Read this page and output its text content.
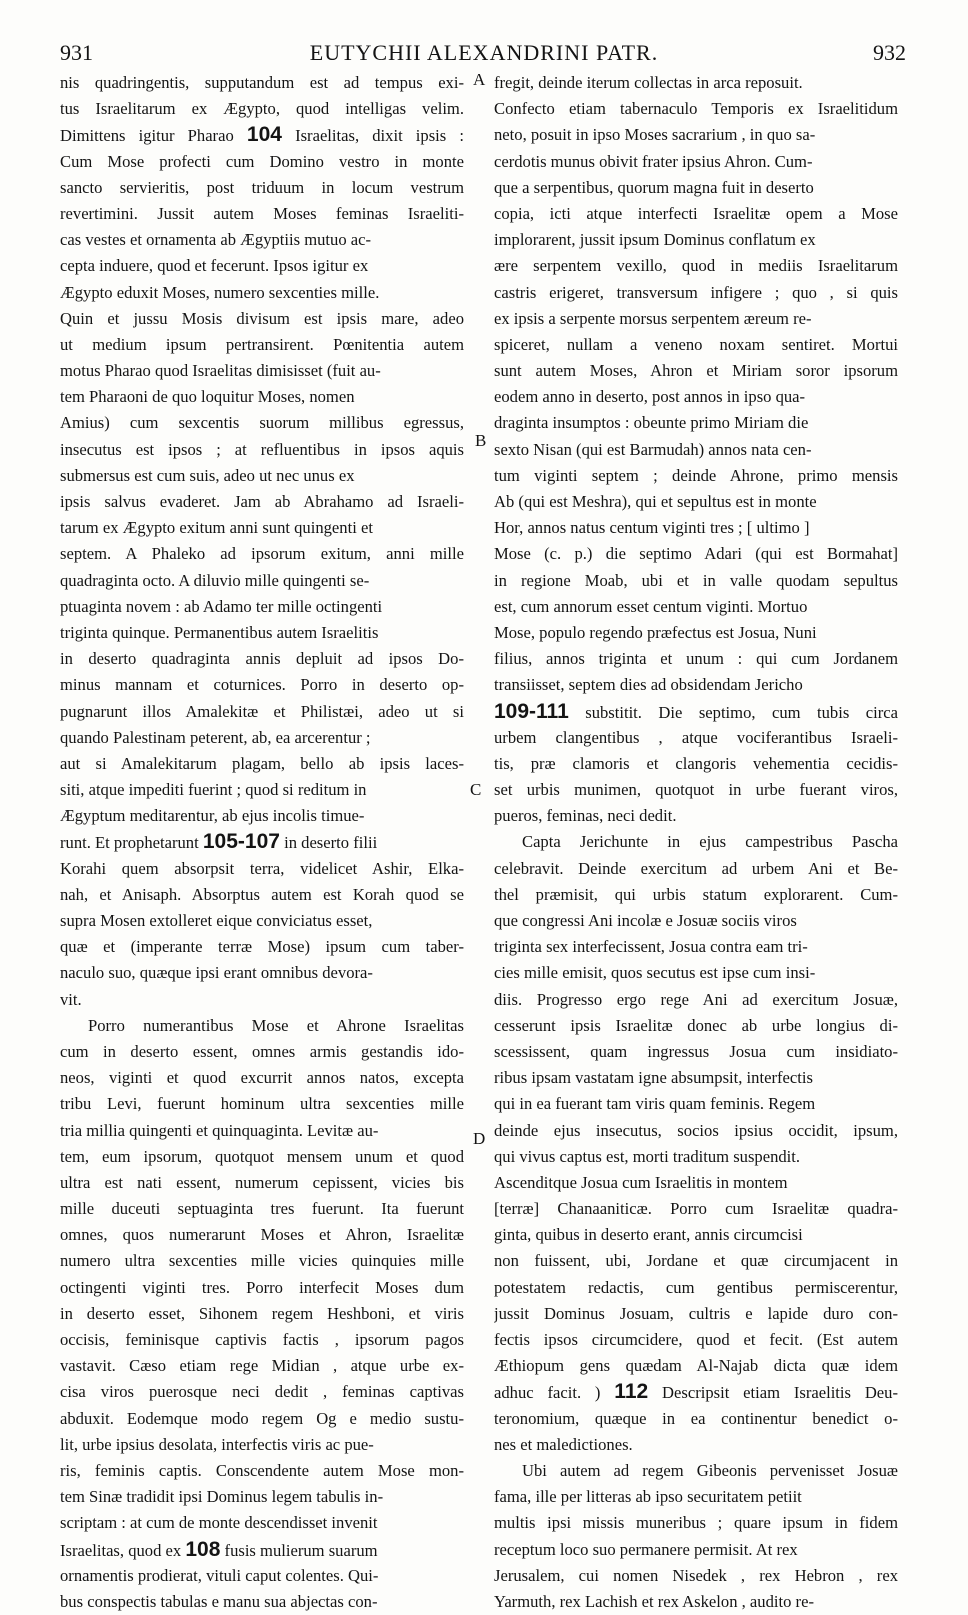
931	EUTYCHII ALEXANDRINI PATR.	932
A
B
C
D
nis quadringentis, supputandum est ad tempus exi-
tus Israelitarum ex Ægypto, quod intelligas velim.
Dimittens igitur Pharao 104 Israelitas, dixit ipsis :
Cum Mose profecti cum Domino vestro in monte
sancto servieritis, post triduum in locum vestrum
revertimini. Jussit autem Moses feminas Israeliti-
cas vestes et ornamenta ab Ægyptiis mutuo ac-
cepta induere, quod et fecerunt. Ipsos igitur ex
Ægypto eduxit Moses, numero sexcenties mille.
Quin et jussu Mosis divisum est ipsis mare, adeo
ut medium ipsum pertransirent. Pœnitentia autem
motus Pharao quod Israelitas dimisisset (fuit au-
tem Pharaoni de quo loquitur Moses, nomen
Amius) cum sexcentis suorum millibus egressus,
insecutus est ipsos ; at refluentibus in ipsos aquis
submersus est cum suis, adeo ut nec unus ex
ipsis salvus evaderet. Jam ab Abrahamo ad Israeli-
tarum ex Ægypto exitum anni sunt quingenti et
septem. A Phaleko ad ipsorum exitum, anni mille
quadraginta octo. A diluvio mille quingenti se-
ptuaginta novem : ab Adamo ter mille octingenti
triginta quinque. Permanentibus autem Israelitis
in deserto quadraginta annis depluit ad ipsos Do-
minus mannam et coturnices. Porro in deserto op-
pugnarunt illos Amalekitæ et Philistæi, adeo ut si
quando Palestinam peterent, ab, ea arcerentur ;
aut si Amalekitarum plagam, bello ab ipsis laces-
siti, atque impediti fuerint ; quod si reditum in
Ægyptum meditarentur, ab ejus incolis timue-
runt. Et prophetarunt 105-107 in deserto filii
Korahi quem absorpsit terra, videlicet Ashir, Elka-
nah, et Anisaph. Absorptus autem est Korah quod se
supra Mosen extolleret eique conviciatus esset,
quæ et (imperante terræ Mose) ipsum cum taber-
naculo suo, quæque ipsi erant omnibus devora-
vit.
Porro numerantibus Mose et Ahrone Israelitas
cum in deserto essent, omnes armis gestandis ido-
neos, viginti et quod excurrit annos natos, excepta
tribu Levi, fuerunt hominum ultra sexcenties mille
tria millia quingenti et quinquaginta. Levitæ au-
tem, eum ipsorum, quotquot mensem unum et quod
ultra est nati essent, numerum cepissent, vicies bis
mille duceuti septuaginta tres fuerunt. Ita fuerunt
omnes, quos numerarunt Moses et Ahron, Israelitæ
numero ultra sexcenties mille vicies quinquies mille
octingenti viginti tres. Porro interfecit Moses dum
in deserto esset, Sihonem regem Heshboni, et viris
occisis, feminisque captivis factis , ipsorum pagos
vastavit. Cæso etiam rege Midian , atque urbe ex-
cisa viros puerosque neci dedit , feminas captivas
abduxit. Eodemque modo regem Og e medio sustu-
lit, urbe ipsius desolata, interfectis viris ac pue-
ris, feminis captis. Conscendente autem Mose mon-
tem Sinæ tradidit ipsi Dominus legem tabulis in-
scriptam : at cum de monte descendisset invenit
Israelitas, quod ex 108 fusis mulierum suarum
ornamentis prodierat, vituli caput colentes. Qui-
bus conspectis tabulas e manu sua abjectas con-
fregit, deinde iterum collectas in arca reposuit.
Confecto etiam tabernaculo Temporis ex Israelitidum
neto, posuit in ipso Moses sacrarium , in quo sa-
cerdotis munus obivit frater ipsius Ahron. Cum-
que a serpentibus, quorum magna fuit in deserto
copia, icti atque interfecti Israelitæ opem a Mose
implorarent, jussit ipsum Dominus conflatum ex
ære serpentem vexillo, quod in mediis Israelitarum
castris erigeret, transversum infigere ; quo , si quis
ex ipsis a serpente morsus serpentem æreum re-
spiceret, nullam a veneno noxam sentiret. Mortui
sunt autem Moses, Ahron et Miriam soror ipsorum
eodem anno in deserto, post annos in ipso qua-
draginta insumptos : obeunte primo Miriam die
sexto Nisan (qui est Barmudah) annos nata cen-
tum viginti septem ; deinde Ahrone, primo mensis
Ab (qui est Meshra), qui et sepultus est in monte
Hor, annos natus centum viginti tres ; [ ultimo ]
Mose (c. p.) die septimo Adari (qui est Bormahat]
in regione Moab, ubi et in valle quodam sepultus
est, cum annorum esset centum viginti. Mortuo
Mose, populo regendo præfectus est Josua, Nuni
filius, annos triginta et unum : qui cum Jordanem
transiisset, septem dies ad obsidendam Jericho
109-111 substitit. Die septimo, cum tubis circa
urbem clangentibus , atque vociferantibus Israeli-
tis, præ clamoris et clangoris vehementia cecidis-
set urbis munimen, quotquot in urbe fuerant viros,
pueros, feminas, neci dedit.
Capta Jerichunte in ejus campestribus Pascha
celebravit. Deinde exercitum ad urbem Ani et Be-
thel præmisit, qui urbis statum explorarent. Cum-
que congressi Ani incolæ e Josuæ sociis viros
triginta sex interfecissent, Josua contra eam tri-
cies mille emisit, quos secutus est ipse cum insi-
diis. Progresso ergo rege Ani ad exercitum Josuæ,
cesserunt ipsis Israelitæ donec ab urbe longius di-
scessissent, quam ingressus Josua cum insidiato-
ribus ipsam vastatam igne absumpsit, interfectis
qui in ea fuerant tam viris quam feminis. Regem
deinde ejus insecutus, socios ipsius occidit, ipsum,
qui vivus captus est, morti traditum suspendit.
Ascenditque Josua cum Israelitis in montem
[terræ] Chanaaniticæ. Porro cum Israelitæ quadra-
ginta, quibus in deserto erant, annis circumcisi
non fuissent, ubi, Jordane et quæ circumjacent in
potestatem redactis, cum gentibus permiscerentur,
jussit Dominus Josuam, cultris e lapide duro con-
fectis ipsos circumcidere, quod et fecit. (Est autem
Æthiopum gens quædam Al-Najab dicta quæ idem
adhuc facit. ) 112 Descripsit etiam Israelitis Deu-
teronomium, quæque in ea continentur benedict o-
nes et maledictiones.
Ubi autem ad regem Gibeonis pervenisset Josuæ
fama, ille per litteras ab ipso securitatem petiit
multis ipsi missis muneribus ; quare ipsum in fidem
receptum loco suo permanere permisit. At rex
Jerusalem, cui nomen Nisedek , rex Hebron , rex
Yarmuth, rex Lachish et rex Askelon , audito re-
